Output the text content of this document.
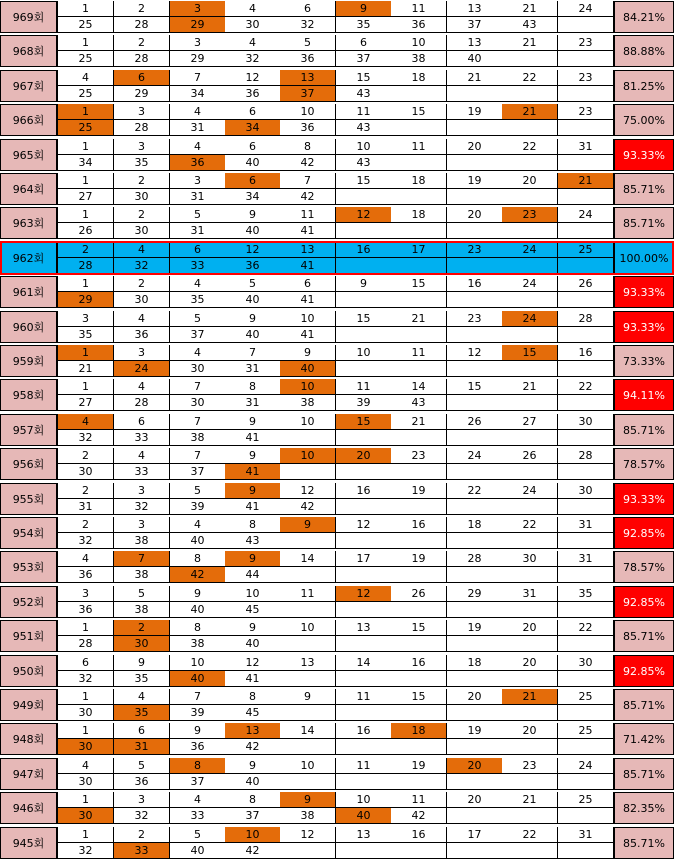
969회
1	2	3	4	6	9	11	13	21	24
25	28	29	30	32	35	36	37	43
84.21%
968회
1	2	3	4	5	6	10	13	21	23
25	28	29	32	36	37	38	40
88.88%
967회
4	6	7	12	13	15	18	21	22	23
25	29	34	36	37	43
81.25%
966회
1	3	4	6	10	11	15	19	21	23
25	28	31	34	36	43
75.00%
965회
1	3	4	6	8	10	11	20	22	31
34	35	36	40	42	43
93.33%
964회
1	2	3	6	7	15	18	19	20	21
27	30	31	34	42
85.71%
963회
1	2	5	9	11	12	18	20	23	24
26	30	31	40	41
85.71%
962회
2	4	6	12	13	16	17	23	24	25
28	32	33	36	41
100.00%
961회
1	2	4	5	6	9	15	16	24	26
29	30	35	40	41
93.33%
960회
3	4	5	9	10	15	21	23	24	28
35	36	37	40	41
93.33%
959회
1	3	4	7	9	10	11	12	15	16
21	24	30	31	40
73.33%
958회
1	4	7	8	10	11	14	15	21	22
27	28	30	31	38	39	43
94.11%
957회
4	6	7	9	10	15	21	26	27	30
32	33	38	41
85.71%
956회
2	4	7	9	10	20	23	24	26	28
30	33	37	41
78.57%
955회
2	3	5	9	12	16	19	22	24	30
31	32	39	41	42
93.33%
954회
2	3	4	8	9	12	16	18	22	31
32	38	40	43
92.85%
953회
4	7	8	9	14	17	19	28	30	31
36	38	42	44
78.57%
952회
3	5	9	10	11	12	26	29	31	35
36	38	40	45
92.85%
951회
1	2	8	9	10	13	15	19	20	22
28	30	38	40
85.71%
950회
6	9	10	12	13	14	16	18	20	30
32	35	40	41
92.85%
949회
1	4	7	8	9	11	15	20	21	25
30	35	39	45
85.71%
948회
1	6	9	13	14	16	18	19	20	25
30	31	36	42
71.42%
947회
4	5	8	9	10	11	19	20	23	24
30	36	37	40
85.71%
946회
1	3	4	8	9	10	11	20	21	25
30	32	33	37	38	40	42
82.35%
945회
1	2	5	10	12	13	16	17	22	31
32	33	40	42
85.71%
